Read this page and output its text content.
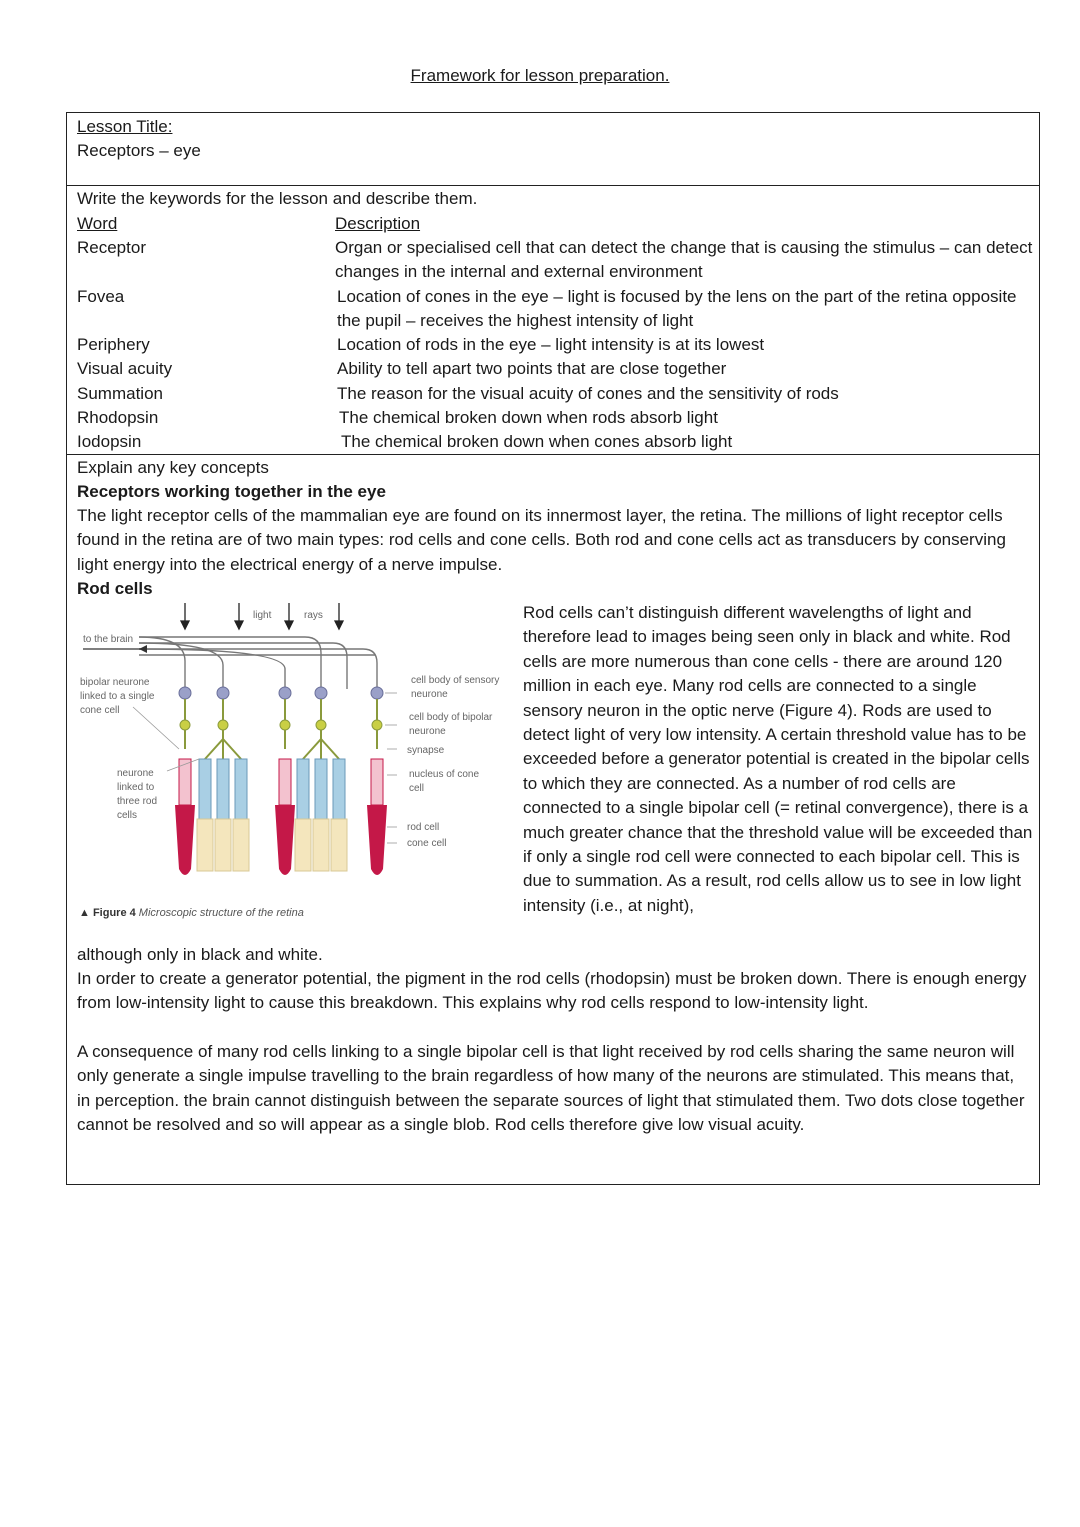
Framework for lesson preparation.
Lesson Title:
Receptors – eye
Write the keywords for the lesson and describe them.
Word	Description
Receptor	Organ or specialised cell that can detect the change that is causing the stimulus – can detect changes in the internal and external environment
Fovea	Location of cones in the eye – light is focused by the lens on the part of the retina opposite the pupil – receives the highest intensity of light
Periphery	Location of rods in the eye – light intensity is at its lowest
Visual acuity	Ability to tell apart two points that are close together
Summation	The reason for the visual acuity of cones and the sensitivity of rods
Rhodopsin	The chemical broken down when rods absorb light
Iodopsin	The chemical broken down when cones absorb light
Explain any key concepts
Receptors working together in the eye
The light receptor cells of the mammalian eye are found on its innermost layer, the retina. The millions of light receptor cells found in the retina are of two main types: rod cells and cone cells. Both rod and cone cells act as transducers by conserving light energy into the electrical energy of a nerve impulse.
Rod cells
light	rays
to the brain
bipolar neurone linked to a single cone cell
neurone linked to three rod cells
cell body of sensory neurone
cell body of bipolar neurone
synapse
nucleus of cone cell
rod cell
cone cell
▲ Figure 4 Microscopic structure of the retina
Rod cells can’t distinguish different wavelengths of light and therefore lead to images being seen only in black and white. Rod cells are more numerous than cone cells - there are around 120 million in each eye. Many rod cells are connected to a single sensory neuron in the optic nerve (Figure 4). Rods are used to detect light of very low intensity. A certain threshold value has to be exceeded before a generator potential is created in the bipolar cells to which they are connected. As a number of rod cells are connected to a single bipolar cell (= retinal convergence), there is a much greater chance that the threshold value will be exceeded than if only a single rod cell were connected to each bipolar cell. This is due to summation. As a result, rod cells allow us to see in low light intensity (i.e., at night),
although only in black and white.
In order to create a generator potential, the pigment in the rod cells (rhodopsin) must be broken down. There is enough energy from low-intensity light to cause this breakdown. This explains why rod cells respond to low-intensity light.
A consequence of many rod cells linking to a single bipolar cell is that light received by rod cells sharing the same neuron will only generate a single impulse travelling to the brain regardless of how many of the neurons are stimulated. This means that, in perception. the brain cannot distinguish between the separate sources of light that stimulated them. Two dots close together cannot be resolved and so will appear as a single blob. Rod cells therefore give low visual acuity.
